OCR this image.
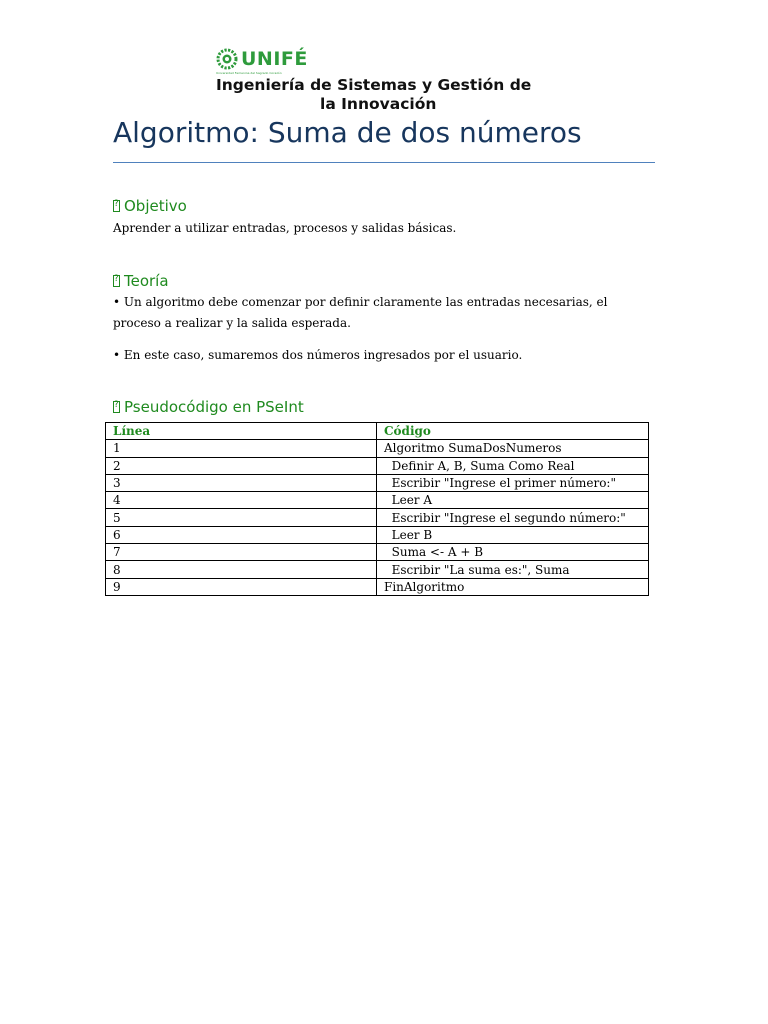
UNIFÉ
Universidad Femenina del Sagrado Corazón
Ingeniería de Sistemas y Gestión de
la Innovación
Algoritmo: Suma de dos números
?
Objetivo

Aprender a utilizar entradas, procesos y salidas básicas.

?
Teoría

• Un algoritmo debe comenzar por definir claramente las entradas necesarias, el proceso a realizar y la salida esperada.

• En este caso, sumaremos dos números ingresados por el usuario.

?
Pseudocódigo en PSeInt
Línea	Código
1	Algoritmo SumaDosNumeros
2	Definir A, B, Suma Como Real
3	Escribir "Ingrese el primer número:"
4	Leer A
5	Escribir "Ingrese el segundo número:"
6	Leer B
7	Suma <- A + B
8	Escribir "La suma es:", Suma
9	FinAlgoritmo
